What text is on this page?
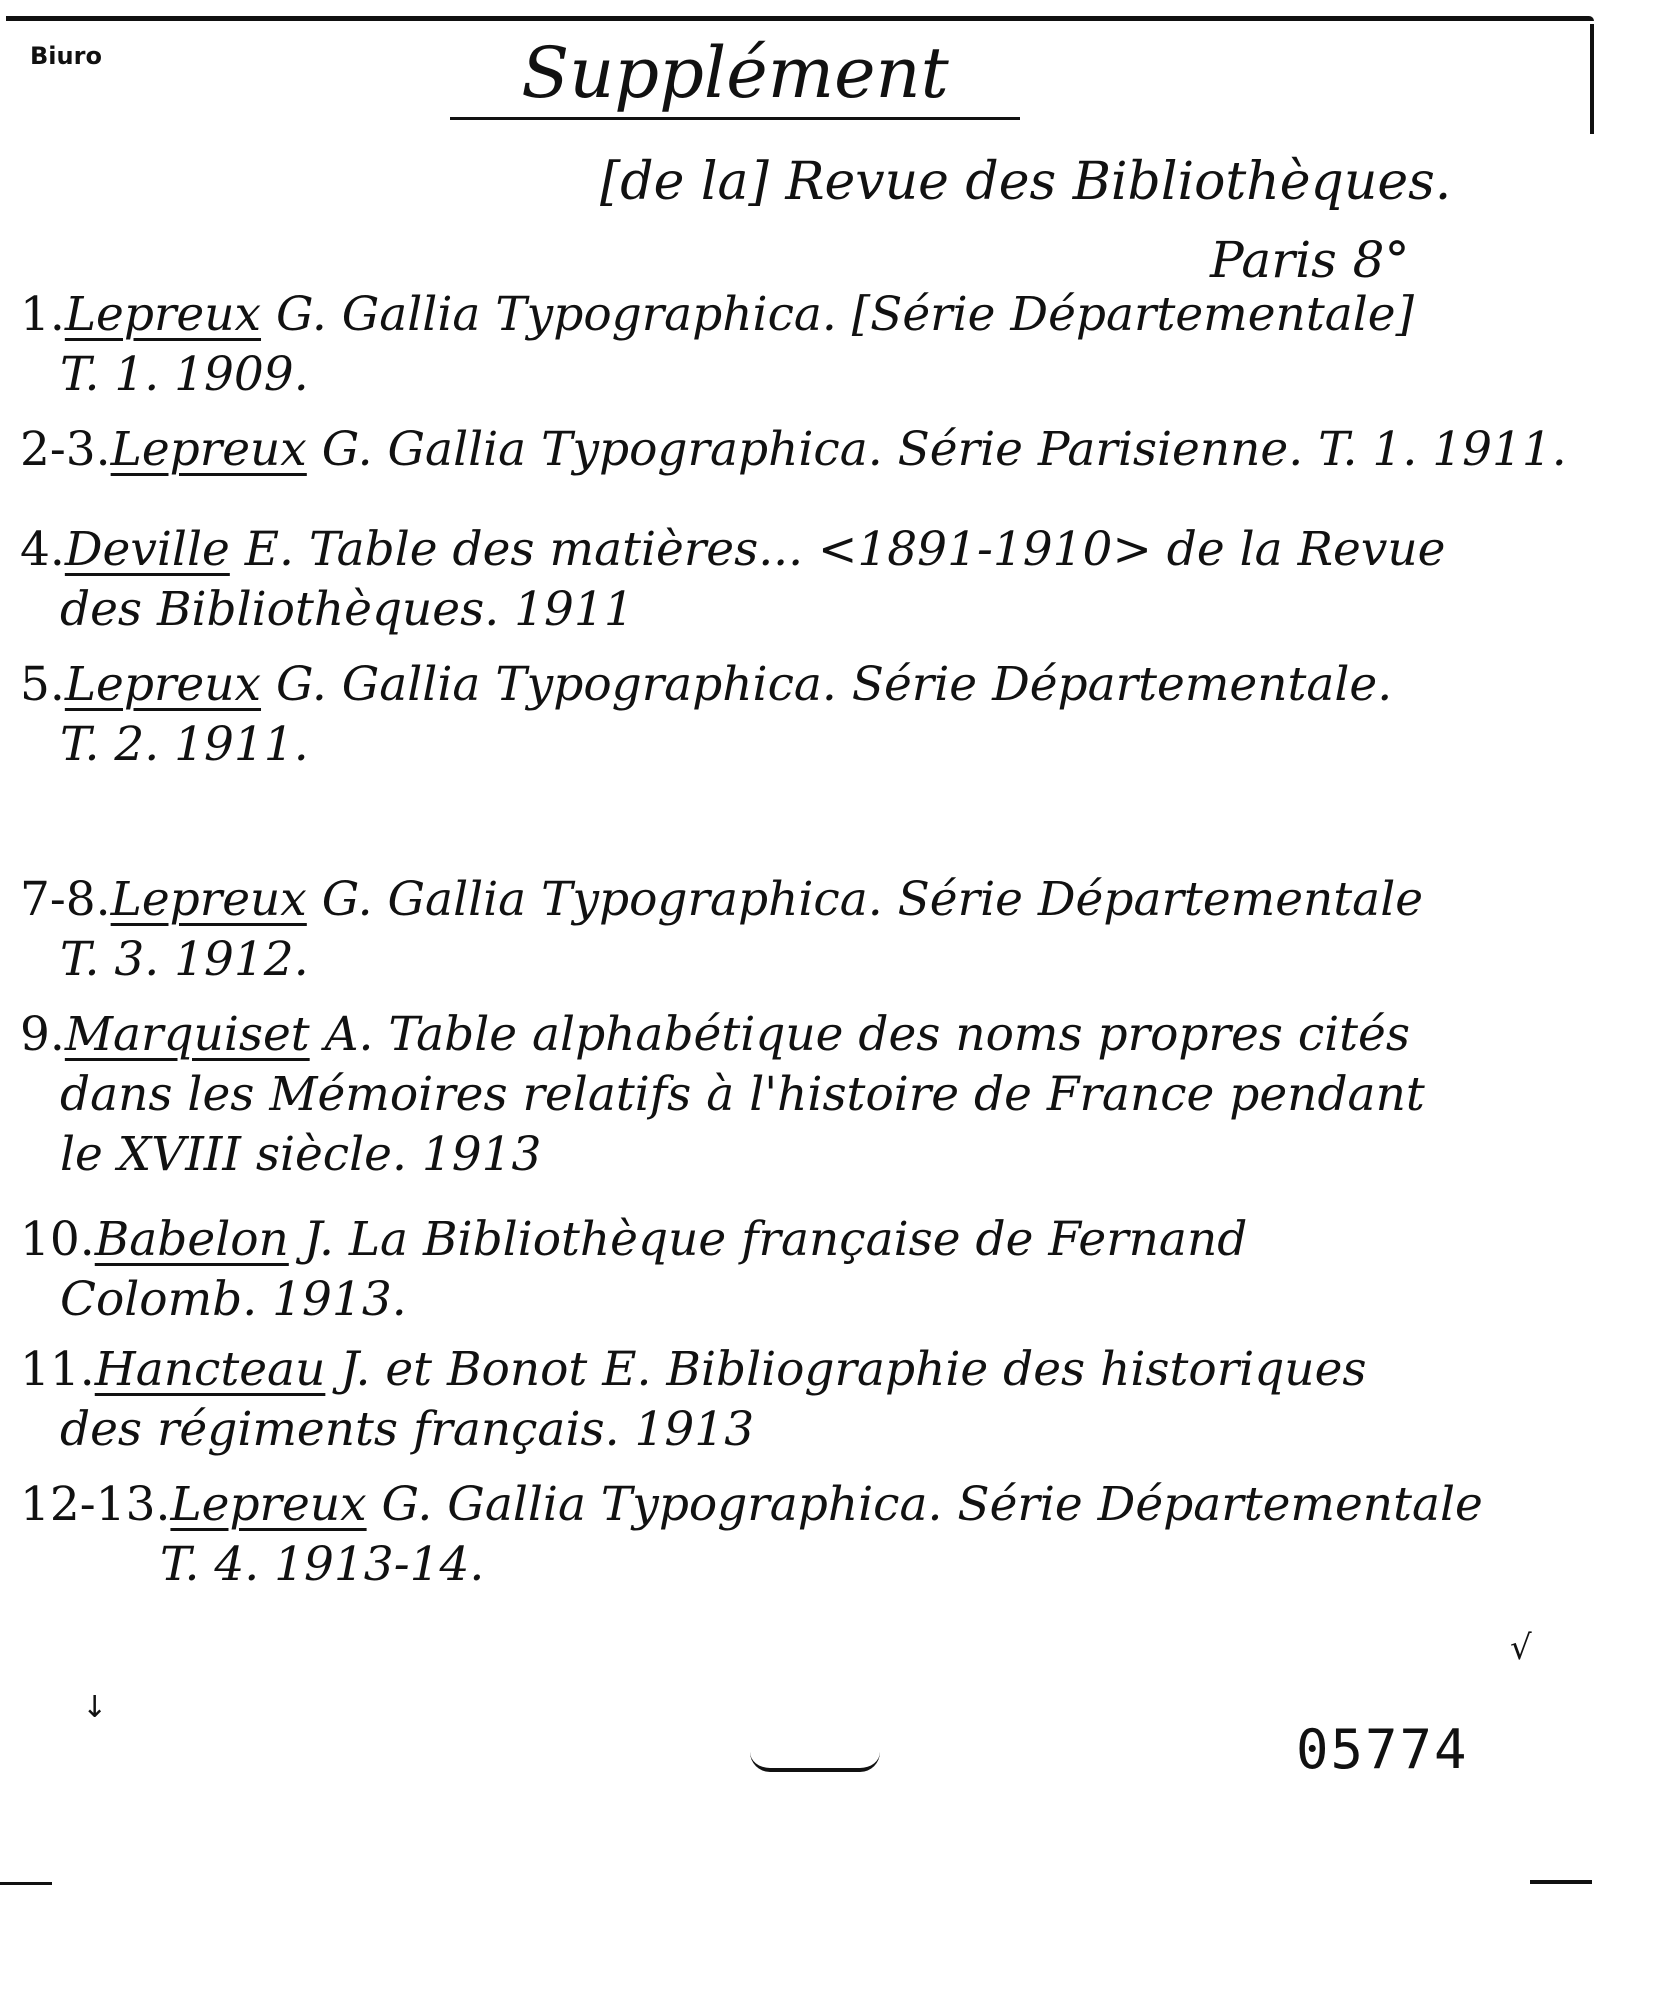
Biuro	Supplément
[de la] Revue des Bibliothèques.
Paris 8°
1.Lepreux G. Gallia Typographica. [Série Départementale]
T. 1. 1909.
2-3.Lepreux G. Gallia Typographica. Série Parisienne. T. 1. 1911.
4.Deville E. Table des matières... <1891-1910> de la Revue
des Bibliothèques. 1911
5.Lepreux G. Gallia Typographica. Série Départementale.
T. 2. 1911.
7-8.Lepreux G. Gallia Typographica. Série Départementale
T. 3. 1912.
9.Marquiset A. Table alphabétique des noms propres cités
dans les Mémoires relatifs à l'histoire de France pendant
le XVIII siècle. 1913
10.Babelon J. La Bibliothèque française de Fernand
Colomb. 1913.
11.Hancteau J. et Bonot E. Bibliographie des historiques
des régiments français. 1913
12-13.Lepreux G. Gallia Typographica. Série Départementale
T. 4. 1913-14.
√
↓
05774
